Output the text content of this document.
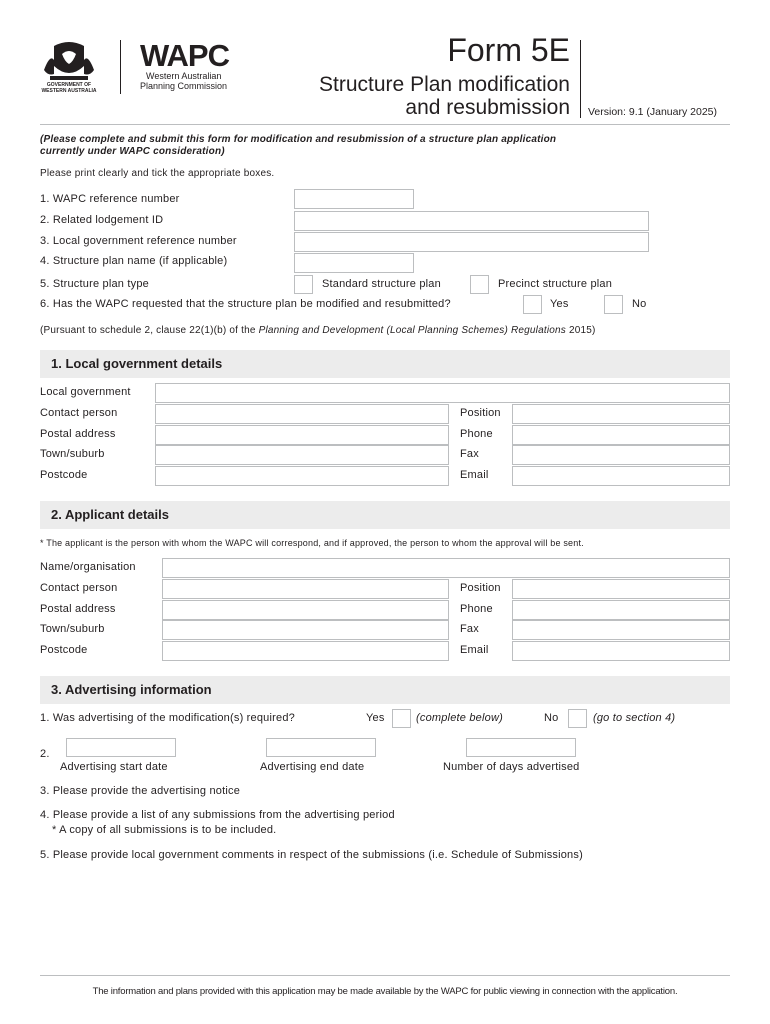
GOVERNMENT OF
WESTERN AUSTRALIA
WAPC
Western Australian
Planning Commission
Form 5E
Structure Plan modification
and resubmission Version: 9.1 (January 2025)
(Please complete and submit this form for modification and resubmission of a structure plan application
currently under WAPC consideration)
Please print clearly and tick the appropriate boxes.
1. WAPC reference number
2. Related lodgement ID
3. Local government reference number
4. Structure plan name (if applicable)
5. Structure plan type	Standard structure plan	Precinct structure plan
6. Has the WAPC requested that the structure plan be modified and resubmitted?	Yes	No
(Pursuant to schedule 2, clause 22(1)(b) of the Planning and Development (Local Planning Schemes) Regulations 2015)
1. Local government details
Local government
Contact person	Position
Postal address	Phone
Town/suburb	Fax
Postcode	Email
2. Applicant details
* The applicant is the person with whom the WAPC will correspond, and if approved, the person to whom the approval will be sent.
Name/organisation
Contact person	Position
Postal address	Phone
Town/suburb	Fax
Postcode	Email
3. Advertising information
1. Was advertising of the modification(s) required?	Yes	(complete below)	No	(go to section 4)
2.
Advertising start date	Advertising end date	Number of days advertised
3. Please provide the advertising notice
4. Please provide a list of any submissions from the advertising period
* A copy of all submissions is to be included.
5. Please provide local government comments in respect of the submissions (i.e. Schedule of Submissions)
The information and plans provided with this application may be made available by the WAPC for public viewing in connection with the application.
